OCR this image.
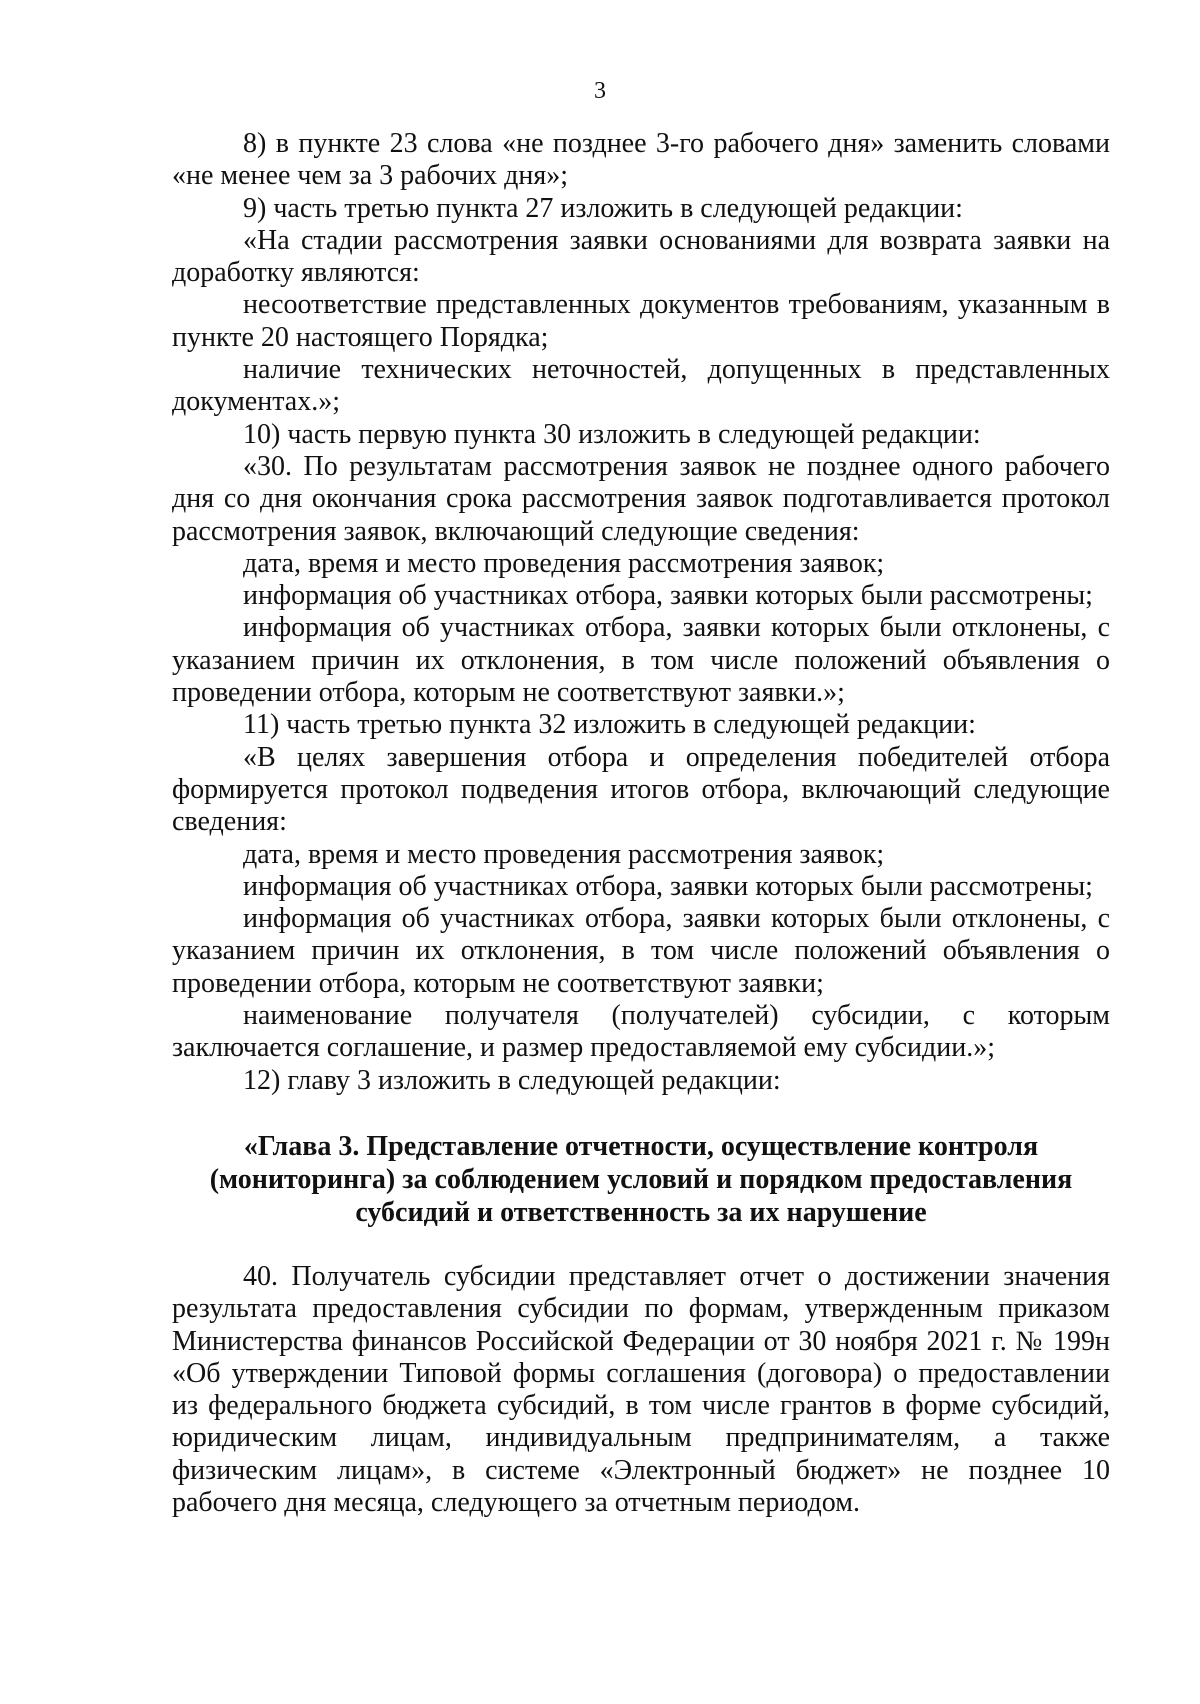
3

8) в пункте 23 слова «не позднее 3-го рабочего дня» заменить словами «не менее чем за 3 рабочих дня»;

9) часть третью пункта 27 изложить в следующей редакции:

«На стадии рассмотрения заявки основаниями для возврата заявки на доработку являются:

несоответствие представленных документов требованиям, указанным в пункте 20 настоящего Порядка;

наличие технических неточностей, допущенных в представленных документах.»;

10) часть первую пункта 30 изложить в следующей редакции:

«30. По результатам рассмотрения заявок не позднее одного рабочего дня со дня окончания срока рассмотрения заявок подготавливается протокол рассмотрения заявок, включающий следующие сведения:

дата, время и место проведения рассмотрения заявок;

информация об участниках отбора, заявки которых были рассмотрены;

информация об участниках отбора, заявки которых были отклонены, с указанием причин их отклонения, в том числе положений объявления о проведении отбора, которым не соответствуют заявки.»;

11) часть третью пункта 32 изложить в следующей редакции:

«В целях завершения отбора и определения победителей отбора формируется протокол подведения итогов отбора, включающий следующие сведения:

дата, время и место проведения рассмотрения заявок;

информация об участниках отбора, заявки которых были рассмотрены;

информация об участниках отбора, заявки которых были отклонены, с указанием причин их отклонения, в том числе положений объявления о проведении отбора, которым не соответствуют заявки;

наименование получателя (получателей) субсидии, с которым заключается соглашение, и размер предоставляемой ему субсидии.»;

12) главу 3 изложить в следующей редакции:

«Глава 3. Представление отчетности, осуществление контроля
(мониторинга) за соблюдением условий и порядком предоставления
субсидий и ответственность за их нарушение

40. Получатель субсидии представляет отчет о достижении значения результата предоставления субсидии по формам, утвержденным приказом Министерства финансов Российской Федерации от 30 ноября 2021 г. № 199н «Об утверждении Типовой формы соглашения (договора) о предоставлении из федерального бюджета субсидий, в том числе грантов в форме субсидий, юридическим лицам, индивидуальным предпринимателям, а также физическим лицам», в системе «Электронный бюджет» не позднее 10 рабочего дня месяца, следующего за отчетным периодом.
